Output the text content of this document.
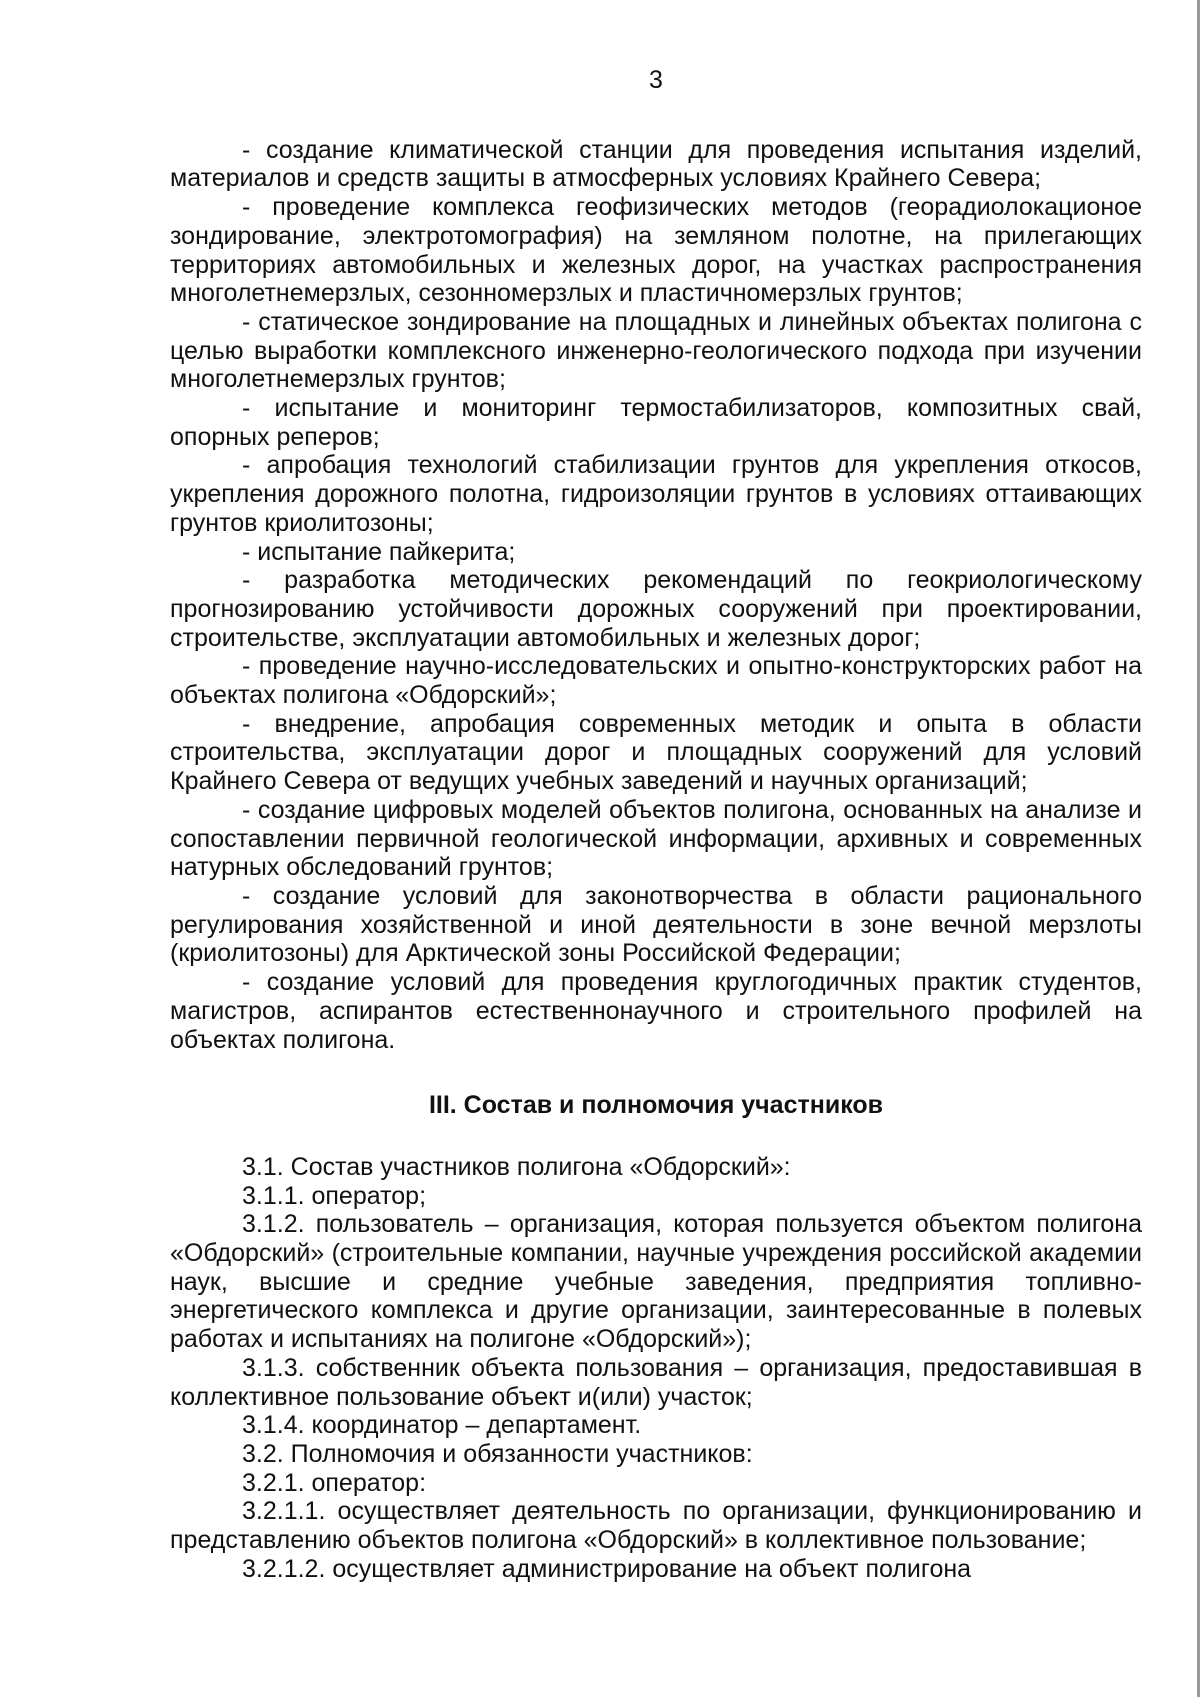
3

- создание климатической станции для проведения испытания изделий, материалов и средств защиты в атмосферных условиях Крайнего Севера;

- проведение комплекса геофизических методов (георадиолокационое зондирование, электротомография) на земляном полотне, на прилегающих территориях автомобильных и железных дорог, на участках распространения многолетнемерзлых, сезонномерзлых и пластичномерзлых грунтов;

- статическое зондирование на площадных и линейных объектах полигона с целью выработки комплексного инженерно-геологического подхода при изучении многолетнемерзлых грунтов;

- испытание и мониторинг термостабилизаторов, композитных свай, опорных реперов;

- апробация технологий стабилизации грунтов для укрепления откосов, укрепления дорожного полотна, гидроизоляции грунтов в условиях оттаивающих грунтов криолитозоны;

- испытание пайкерита;

- разработка методических рекомендаций по геокриологическому прогнозированию устойчивости дорожных сооружений при проектировании, строительстве, эксплуатации автомобильных и железных дорог;

- проведение научно-исследовательских и опытно-конструкторских работ на объектах полигона «Обдорский»;

- внедрение, апробация современных методик и опыта в области строительства, эксплуатации дорог и площадных сооружений для условий Крайнего Севера от ведущих учебных заведений и научных организаций;

- создание цифровых моделей объектов полигона, основанных на анализе и сопоставлении первичной геологической информации, архивных и современных натурных обследований грунтов;

- создание условий для законотворчества в области рационального регулирования хозяйственной и иной деятельности в зоне вечной мерзлоты (криолитозоны) для Арктической зоны Российской Федерации;

- создание условий для проведения круглогодичных практик студентов, магистров, аспирантов естественнонаучного и строительного профилей на объектах полигона.

III. Состав и полномочия участников

3.1. Состав участников полигона «Обдорский»:

3.1.1. оператор;

3.1.2. пользователь – организация, которая пользуется объектом полигона «Обдорский» (строительные компании, научные учреждения российской академии наук, высшие и средние учебные заведения, предприятия топливно-энергетического комплекса и другие организации, заинтересованные в полевых работах и испытаниях на полигоне «Обдорский»);

3.1.3. собственник объекта пользования – организация, предоставившая в коллективное пользование объект и(или) участок;

3.1.4. координатор – департамент.

3.2. Полномочия и обязанности участников:

3.2.1. оператор:

3.2.1.1. осуществляет деятельность по организации, функционированию и представлению объектов полигона «Обдорский» в коллективное пользование;

3.2.1.2. осуществляет администрирование на объект полигона
